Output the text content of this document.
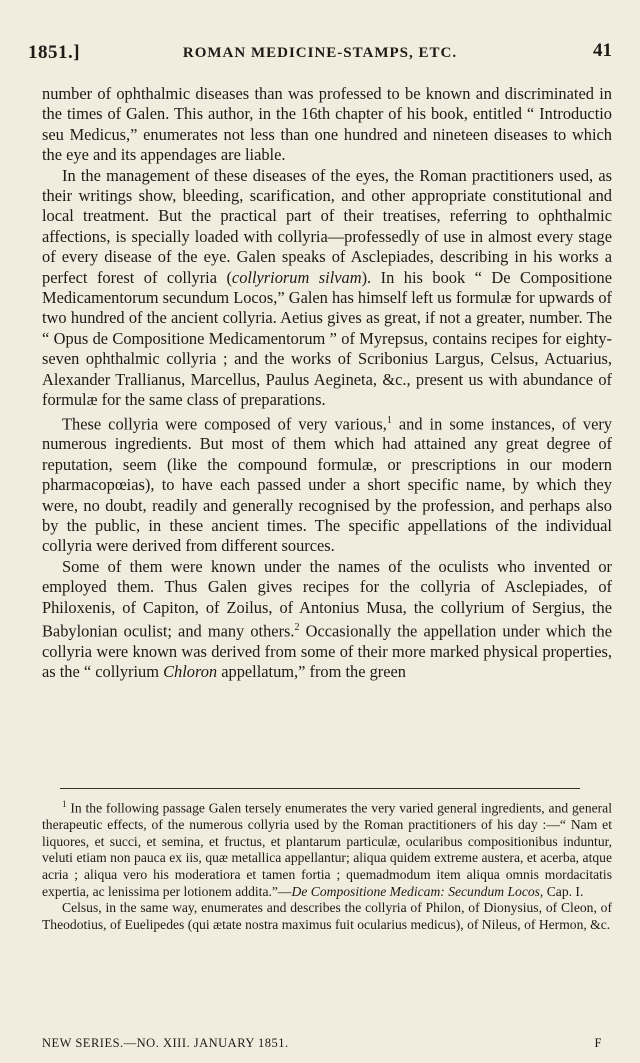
1851.]	ROMAN MEDICINE-STAMPS, ETC.	41

number of ophthalmic diseases than was professed to be known and discriminated in the times of Galen. This author, in the 16th chapter of his book, entitled “ Introductio seu Medicus,” enumerates not less than one hundred and nineteen diseases to which the eye and its appendages are liable.

In the management of these diseases of the eyes, the Roman practitioners used, as their writings show, bleeding, scarification, and other appropriate constitutional and local treatment. But the practical part of their treatises, referring to ophthalmic affections, is specially loaded with collyria—professedly of use in almost every stage of every disease of the eye. Galen speaks of Asclepiades, describing in his works a perfect forest of collyria (collyriorum silvam). In his book “ De Compositione Medicamentorum secundum Locos,” Galen has himself left us formulæ for upwards of two hundred of the ancient collyria. Aetius gives as great, if not a greater, number. The “ Opus de Compositione Medicamentorum ” of Myrepsus, contains recipes for eighty-seven ophthalmic collyria ; and the works of Scribonius Largus, Celsus, Actuarius, Alexander Trallianus, Marcellus, Paulus Aegineta, &c., present us with abundance of formulæ for the same class of preparations.

These collyria were composed of very various,$^1$ and in some instances, of very numerous ingredients. But most of them which had attained any great degree of reputation, seem (like the compound formulæ, or prescriptions in our modern pharmacopœias), to have each passed under a short specific name, by which they were, no doubt, readily and generally recognised by the profession, and perhaps also by the public, in these ancient times. The specific appellations of the individual collyria were derived from different sources.

Some of them were known under the names of the oculists who invented or employed them. Thus Galen gives recipes for the collyria of Asclepiades, of Philoxenis, of Capiton, of Zoilus, of Antonius Musa, the collyrium of Sergius, the Babylonian oculist; and many others.$^2$ Occasionally the appellation under which the collyria were known was derived from some of their more marked physical properties, as the “ collyrium Chloron appellatum,” from the green

$^1$ In the following passage Galen tersely enumerates the very varied general ingredients, and general therapeutic effects, of the numerous collyria used by the Roman practitioners of his day :—“ Nam et liquores, et succi, et semina, et fructus, et plantarum particulæ, ocularibus compositionibus induntur, veluti etiam non pauca ex iis, quæ metallica appellantur; aliqua quidem extreme austera, et acerba, atque acria ; aliqua vero his moderatiora et tamen fortia ; quemadmodum item aliqua omnis mordacitatis expertia, ac lenissima per lotionem addita.”—De Compositione Medicam: Secundum Locos, Cap. I.

Celsus, in the same way, enumerates and describes the collyria of Philon, of Dionysius, of Cleon, of Theodotius, of Euelipedes (qui ætate nostra maximus fuit ocularius medicus), of Nileus, of Hermon, &c.

NEW SERIES.—NO. XIII. JANUARY 1851.	F
